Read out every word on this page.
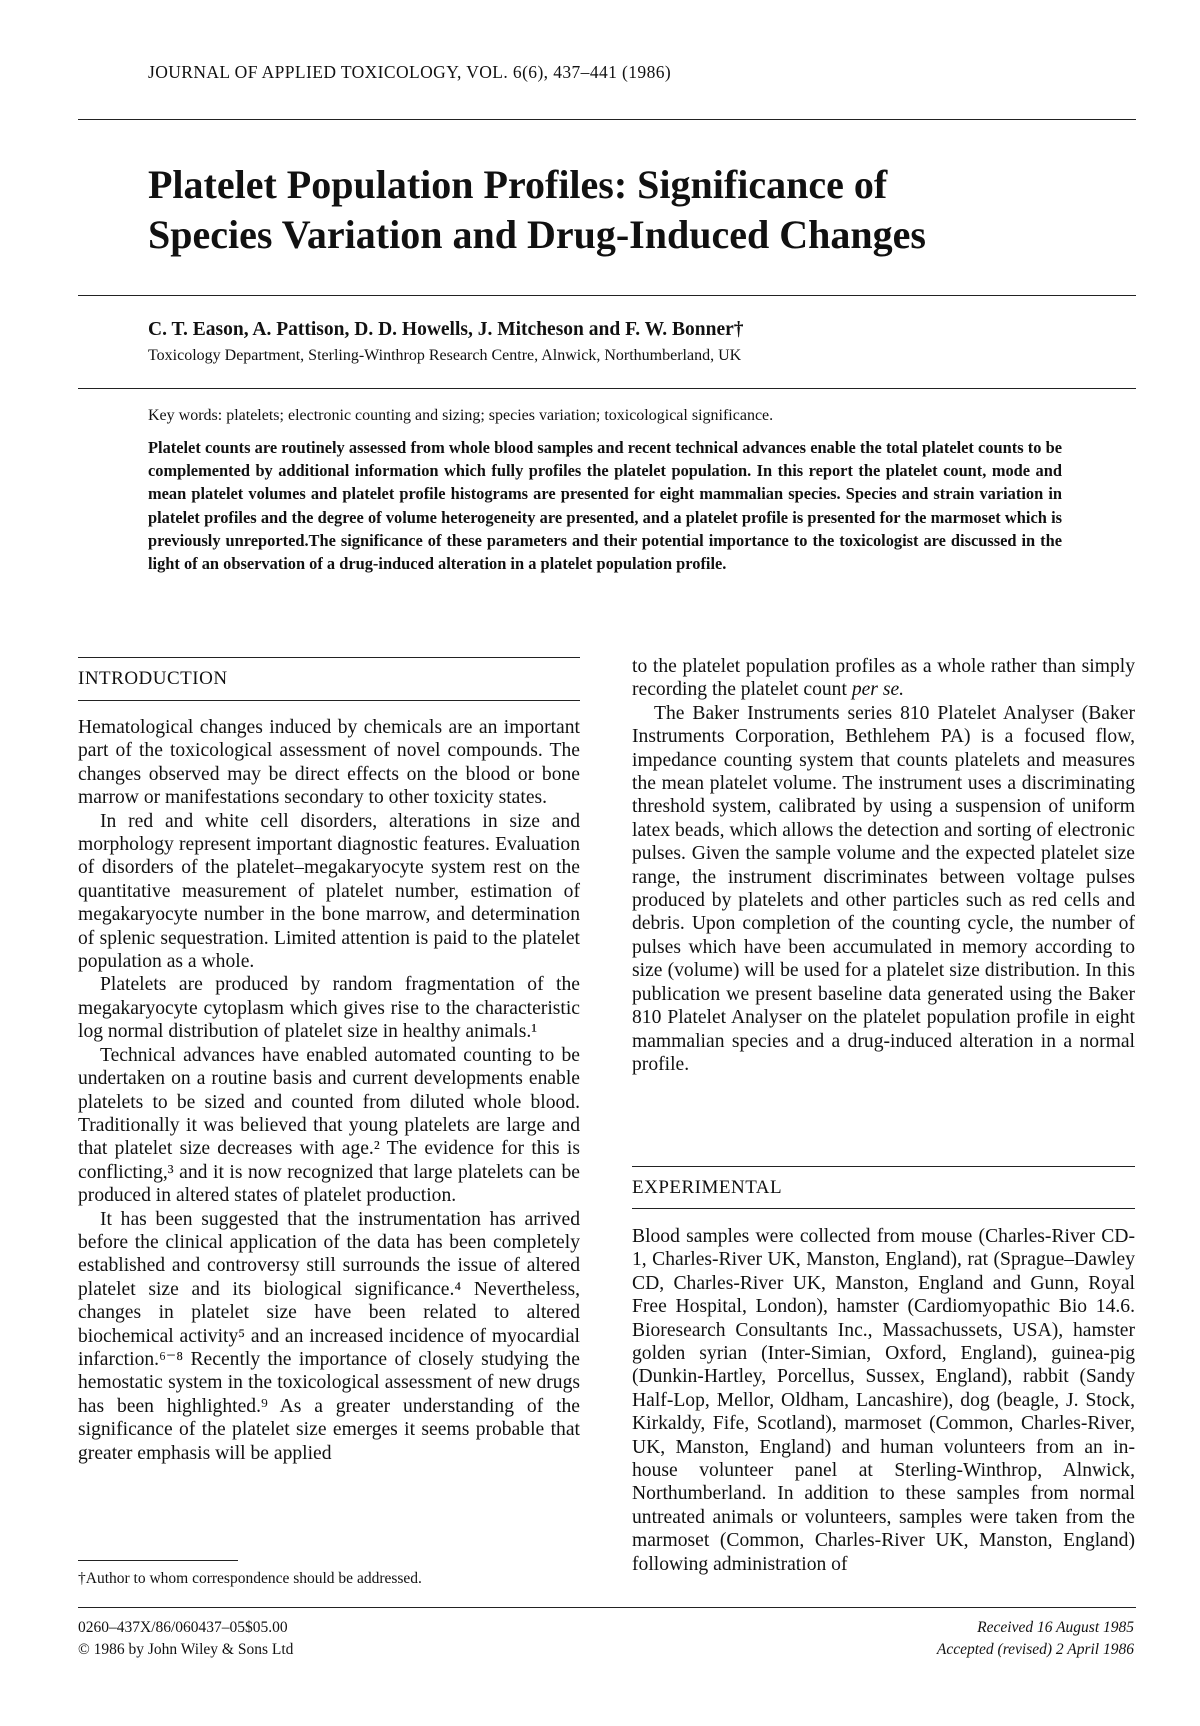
JOURNAL OF APPLIED TOXICOLOGY, VOL. 6(6), 437–441 (1986)
Platelet Population Profiles: Significance of
Species Variation and Drug-Induced Changes
C. T. Eason, A. Pattison, D. D. Howells, J. Mitcheson and F. W. Bonner†
Toxicology Department, Sterling-Winthrop Research Centre, Alnwick, Northumberland, UK
Key words: platelets; electronic counting and sizing; species variation; toxicological significance.

Platelet counts are routinely assessed from whole blood samples and recent technical advances enable the total platelet counts to be complemented by additional information which fully profiles the platelet population. In this report the platelet count, mode and mean platelet volumes and platelet profile histograms are presented for eight mammalian species. Species and strain variation in platelet profiles and the degree of volume heterogeneity are presented, and a platelet profile is presented for the marmoset which is previously unreported.The significance of these parameters and their potential importance to the toxicologist are discussed in the light of an observation of a drug-induced alteration in a platelet population profile.

INTRODUCTION

Hematological changes induced by chemicals are an important part of the toxicological assessment of novel compounds. The changes observed may be direct effects on the blood or bone marrow or manifestations secondary to other toxicity states.

In red and white cell disorders, alterations in size and morphology represent important diagnostic features. Evaluation of disorders of the platelet–megakaryocyte system rest on the quantitative measurement of platelet number, estimation of megakaryocyte number in the bone marrow, and determination of splenic sequestration. Limited attention is paid to the platelet population as a whole.

Platelets are produced by random fragmentation of the megakaryocyte cytoplasm which gives rise to the characteristic log normal distribution of platelet size in healthy animals.¹

Technical advances have enabled automated counting to be undertaken on a routine basis and current developments enable platelets to be sized and counted from diluted whole blood. Traditionally it was believed that young platelets are large and that platelet size decreases with age.² The evidence for this is conflicting,³ and it is now recognized that large platelets can be produced in altered states of platelet production.

It has been suggested that the instrumentation has arrived before the clinical application of the data has been completely established and controversy still surrounds the issue of altered platelet size and its biological significance.⁴ Nevertheless, changes in platelet size have been related to altered biochemical activity⁵ and an increased incidence of myocardial infarction.⁶⁻⁸ Recently the importance of closely studying the hemostatic system in the toxicological assessment of new drugs has been highlighted.⁹ As a greater understanding of the significance of the platelet size emerges it seems probable that greater emphasis will be applied

to the platelet population profiles as a whole rather than simply recording the platelet count per se.

The Baker Instruments series 810 Platelet Analyser (Baker Instruments Corporation, Bethlehem PA) is a focused flow, impedance counting system that counts platelets and measures the mean platelet volume. The instrument uses a discriminating threshold system, calibrated by using a suspension of uniform latex beads, which allows the detection and sorting of electronic pulses. Given the sample volume and the expected platelet size range, the instrument discriminates between voltage pulses produced by platelets and other particles such as red cells and debris. Upon completion of the counting cycle, the number of pulses which have been accumulated in memory according to size (volume) will be used for a platelet size distribution. In this publication we present baseline data generated using the Baker 810 Platelet Analyser on the platelet population profile in eight mammalian species and a drug-induced alteration in a normal profile.

EXPERIMENTAL

Blood samples were collected from mouse (Charles-River CD-1, Charles-River UK, Manston, England), rat (Sprague–Dawley CD, Charles-River UK, Manston, England and Gunn, Royal Free Hospital, London), hamster (Cardiomyopathic Bio 14.6. Bioresearch Consultants Inc., Massachussets, USA), hamster golden syrian (Inter-Simian, Oxford, England), guinea-pig (Dunkin-Hartley, Porcellus, Sussex, England), rabbit (Sandy Half-Lop, Mellor, Oldham, Lancashire), dog (beagle, J. Stock, Kirkaldy, Fife, Scotland), marmoset (Common, Charles-River, UK, Manston, England) and human volunteers from an in-house volunteer panel at Sterling-Winthrop, Alnwick, Northumberland. In addition to these samples from normal untreated animals or volunteers, samples were taken from the marmoset (Common, Charles-River UK, Manston, England) following administration of

†Author to whom correspondence should be addressed.
0260–437X/86/060437–05$05.00
© 1986 by John Wiley & Sons Ltd
Received 16 August 1985
Accepted (revised) 2 April 1986
